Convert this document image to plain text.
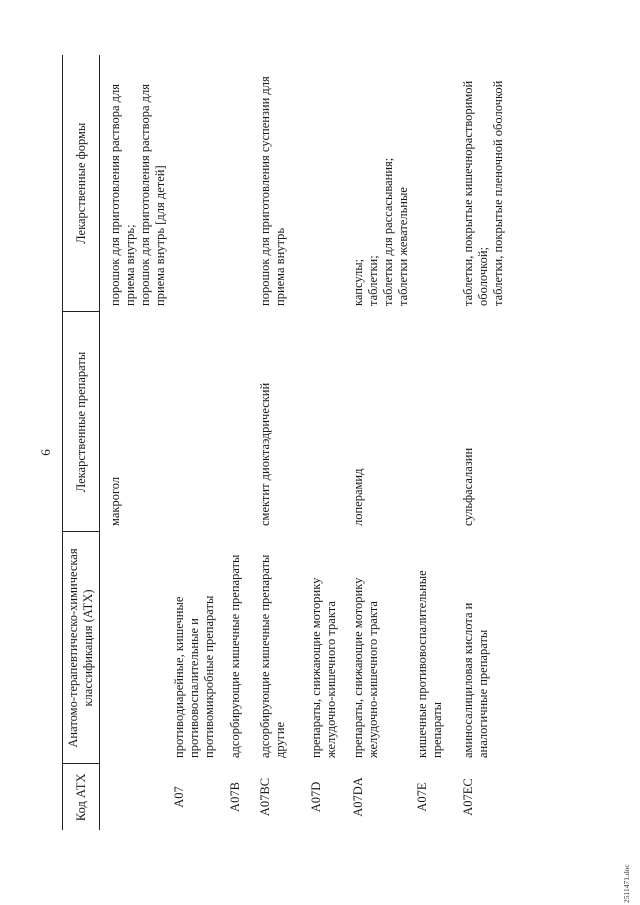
6
Код АТХ	Анатомо-терапевтическо-химическая классификация (АТХ)	Лекарственные препараты	Лекарственные формы
		макрогол	порошок для приготовления раствора для приема внутрь;
порошок для приготовления раствора для приема внутрь [для детей]
A07	противодиарейные, кишечные противовоспалительные и противомикробные препараты		
A07B	адсорбирующие кишечные препараты		
A07BC	адсорбирующие кишечные препараты другие	смектит диоктаэдрический	порошок для приготовления суспензии для приема внутрь
A07D	препараты, снижающие моторику желудочно-кишечного тракта		
A07DA	препараты, снижающие моторику желудочно-кишечного тракта	лоперамид	капсулы;
таблетки;
таблетки для рассасывания;
таблетки жевательные
A07E	кишечные противовоспалительные препараты		
A07EC	аминосалициловая кислота и аналогичные препараты	сульфасалазин	таблетки, покрытые кишечнорастворимой оболочкой;
таблетки, покрытые пленочной оболочкой
2511471.doc
